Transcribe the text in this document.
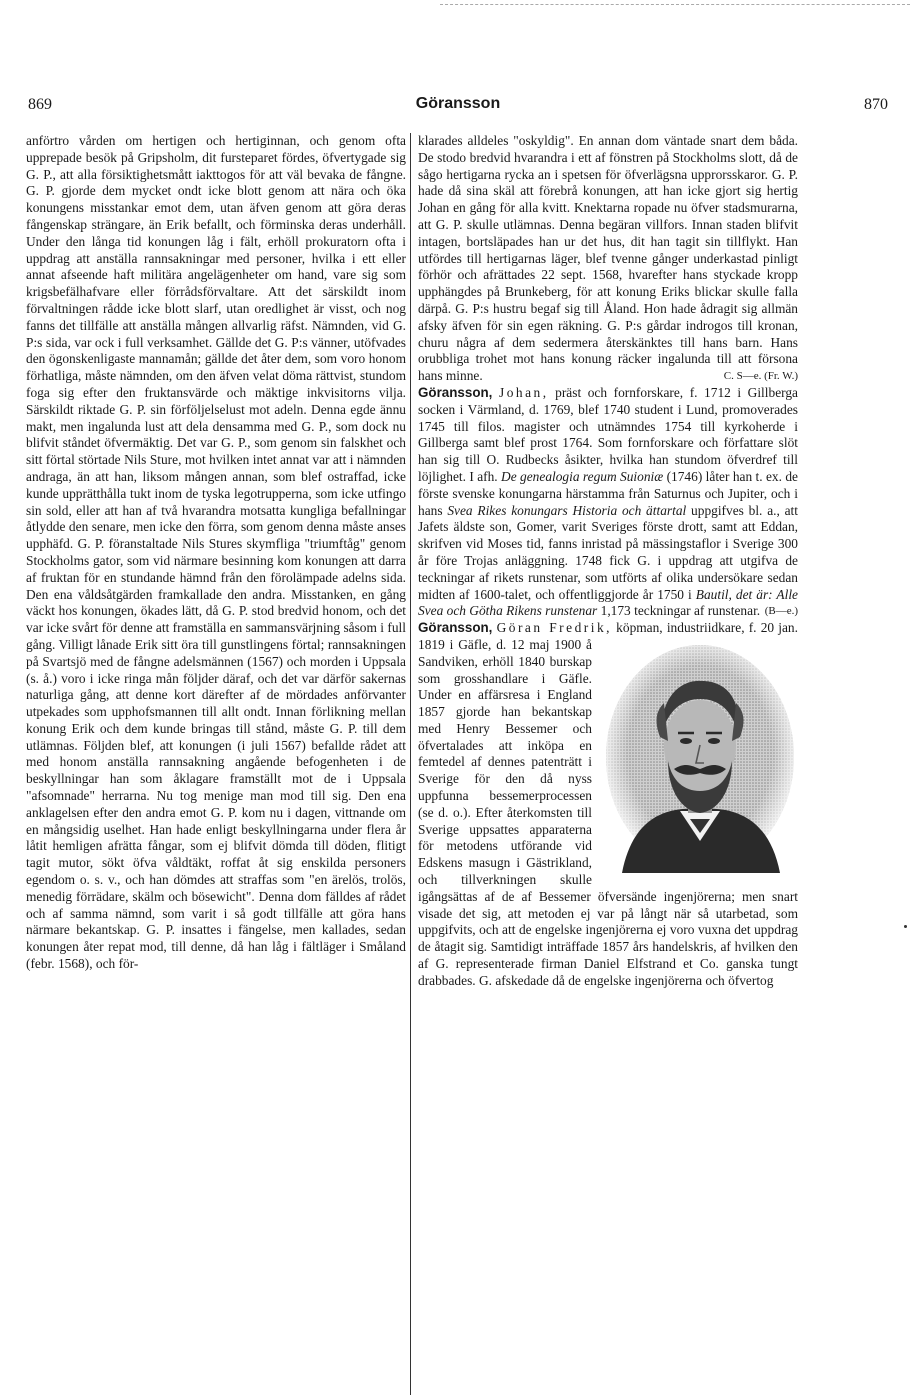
869	Göransson	870

anförtro vården om hertigen och hertiginnan, och genom ofta upprepade besök på Gripsholm, dit fursteparet fördes, öfvertygade sig G. P., att alla försiktighetsmått iakttogos för att väl bevaka de fångne. G. P. gjorde dem mycket ondt icke blott genom att nära och öka konungens misstankar emot dem, utan äfven genom att göra deras fångenskap strängare, än Erik befallt, och förminska deras underhåll. Under den långa tid konungen låg i fält, erhöll prokuratorn ofta i uppdrag att anställa rannsakningar med personer, hvilka i ett eller annat afseende haft militära angelägenheter om hand, vare sig som krigsbefälhafvare eller förrådsförvaltare. Att det särskildt inom förvaltningen rådde icke blott slarf, utan oredlighet är visst, och nog fanns det tillfälle att anställa mången allvarlig räfst. Nämnden, vid G. P:s sida, var ock i full verksamhet. Gällde det G. P:s vänner, utöfvades den ögonskenligaste mannamån; gällde det åter dem, som voro honom förhatliga, måste nämnden, om den äfven velat döma rättvist, stundom foga sig efter den fruktansvärde och mäktige inkvisitorns vilja. Särskildt riktade G. P. sin förföljelselust mot adeln. Denna egde ännu makt, men ingalunda lust att dela densamma med G. P., som dock nu blifvit ståndet öfvermäktig. Det var G. P., som genom sin falskhet och sitt förtal störtade Nils Sture, mot hvilken intet annat var att i nämnden andraga, än att han, liksom mången annan, som blef ostraffad, icke kunde upprätthålla tukt inom de tyska legotrupperna, som icke utfingo sin sold, eller att han af två hvarandra motsatta kungliga befallningar åtlydde den senare, men icke den förra, som genom denna måste anses upphäfd. G. P. föranstaltade Nils Stures skymfliga "triumftåg" genom Stockholms gator, som vid närmare besinning kom konungen att darra af fruktan för en stundande hämnd från den förolämpade adelns sida. Den ena våldsåtgärden framkallade den andra. Misstanken, en gång väckt hos konungen, ökades lätt, då G. P. stod bredvid honom, och det var icke svårt för denne att framställa en sammansvärjning såsom i full gång. Villigt lånade Erik sitt öra till gunstlingens förtal; rannsakningen på Svartsjö med de fångne adelsmännen (1567) och morden i Uppsala (s. å.) voro i icke ringa mån följder däraf, och det var därför sakernas naturliga gång, att denne kort därefter af de mördades anförvanter utpekades som upphofsmannen till allt ondt. Innan förlikning mellan konung Erik och dem kunde bringas till stånd, måste G. P. till dem utlämnas. Följden blef, att konungen (i juli 1567) befallde rådet att med honom anställa rannsakning angående befogenheten i de beskyllningar han som åklagare framställt mot de i Uppsala "afsomnade" herrarna. Nu tog menige man mod till sig. Den ena anklagelsen efter den andra emot G. P. kom nu i dagen, vittnande om en mångsidig uselhet. Han hade enligt beskyllningarna under flera år låtit hemligen afrätta fångar, som ej blifvit dömda till döden, flitigt tagit mutor, sökt öfva våldtäkt, roffat åt sig enskilda personers egendom o. s. v., och han dömdes att straffas som "en ärelös, trolös, menedig förrädare, skälm och bösewicht". Denna dom fälldes af rådet och af samma nämnd, som varit i så godt tillfälle att göra hans närmare bekantskap. G. P. insattes i fängelse, men kallades, sedan konungen åter repat mod, till denne, då han låg i fältläger i Småland (febr. 1568), och för-

klarades alldeles "oskyldig". En annan dom väntade snart dem båda. De stodo bredvid hvarandra i ett af fönstren på Stockholms slott, då de sågo hertigarna rycka an i spetsen för öfverlägsna upprorsskaror. G. P. hade då sina skäl att förebrå konungen, att han icke gjort sig hertig Johan en gång för alla kvitt. Knektarna ropade nu öfver stadsmurarna, att G. P. skulle utlämnas. Denna begäran villfors. Innan staden blifvit intagen, bortsläpades han ur det hus, dit han tagit sin tillflykt. Han utfördes till hertigarnas läger, blef tvenne gånger underkastad pinligt förhör och afrättades 22 sept. 1568, hvarefter hans styckade kropp upphängdes på Brunkeberg, för att konung Eriks blickar skulle falla därpå. G. P:s hustru begaf sig till Åland. Hon hade ådragit sig allmän afsky äfven för sin egen räkning. G. P:s gårdar indrogos till kronan, churu några af dem sedermera återskänktes till hans barn. Hans orubbliga trohet mot hans konung räcker ingalunda till att försona hans minne.	C. S—e. (Fr. W.)

Göransson, Johan, präst och fornforskare, f. 1712 i Gillberga socken i Värmland, d. 1769, blef 1740 student i Lund, promoverades 1745 till filos. magister och utnämndes 1754 till kyrkoherde i Gillberga samt blef prost 1764. Som fornforskare och författare slöt han sig till O. Rudbecks åsikter, hvilka han stundom öfverdref till löjlighet. I afh. De genealogia regum Suioniæ (1746) låter han t. ex. de förste svenske konungarna härstamma från Saturnus och Jupiter, och i hans Svea Rikes konungars Historia och ättartal uppgifves bl. a., att Jafets äldste son, Gomer, varit Sveriges förste drott, samt att Eddan, skrifven vid Moses tid, fanns inristad på mässingstaflor i Sverige 300 år före Trojas anläggning. 1748 fick G. i uppdrag att utgifva de teckningar af rikets runstenar, som utförts af olika undersökare sedan midten af 1600-talet, och offentliggjorde år 1750 i Bautil, det är: Alle Svea och Götha Rikens runstenar 1,173 teckningar af runstenar. (B—e.)

Göransson, Göran Fredrik, köpman, industriidkare, f. 20 jan. 1819 i Gäfle, d. 12 maj 1900 å Sandviken, erhöll 1840 burskap som grosshandlare i Gäfle. Under en affärsresa i England 1857 gjorde han bekantskap med Henry Bessemer och öfvertalades att inköpa en femtedel af dennes patenträtt i Sverige för den då nyss uppfunna bessemerprocessen (se d. o.). Efter återkomsten till Sverige uppsattes apparaterna för metodens utförande vid Edskens masugn i Gästrikland, och tillverkningen skulle igångsättas af de af Bessemer öfversände ingenjörerna; men snart visade det sig, att metoden ej var på långt när så utarbetad, som uppgifvits, och att de engelske ingenjörerna ej voro vuxna det uppdrag de åtagit sig. Samtidigt inträffade 1857 års handelskris, af hvilken den af G. representerade firman Daniel Elfstrand et Co. ganska tungt drabbades. G. afskedade då de engelske ingenjörerna och öfvertog
